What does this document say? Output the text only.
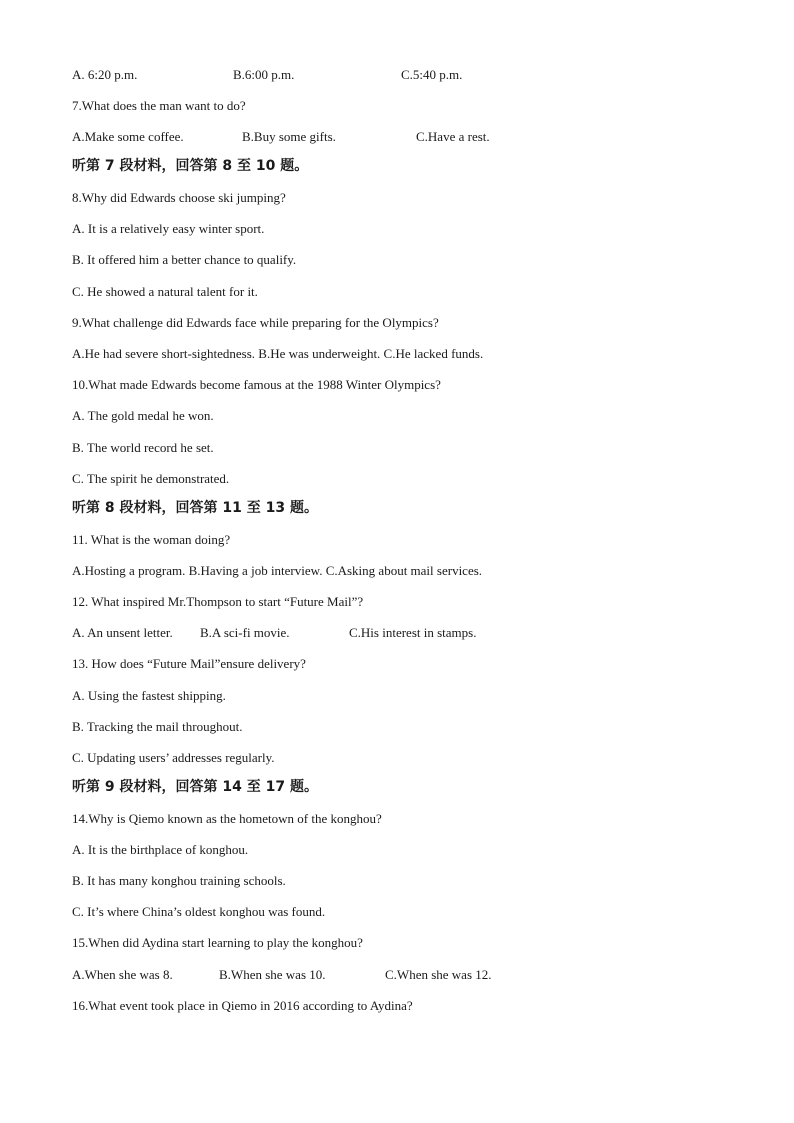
A. 6:20 p.m.	B.6:00 p.m.	C.5:40 p.m.
7.What does the man want to do?
A.Make some coffee.	B.Buy some gifts.	C.Have a rest.
听第 7 段材料，回答第 8 至 10 题。
8.Why did Edwards choose ski jumping?
A. It is a relatively easy winter sport.
B. It offered him a better chance to qualify.
C. He showed a natural talent for it.
9.What challenge did Edwards face while preparing for the Olympics?
A.He had severe short-sightedness. B.He was underweight. C.He lacked funds.
10.What made Edwards become famous at the 1988 Winter Olympics?
A. The gold medal he won.
B. The world record he set.
C. The spirit he demonstrated.
听第 8 段材料，回答第 11 至 13 题。
11. What is the woman doing?
A.Hosting a program. B.Having a job interview. C.Asking about mail services.
12. What inspired Mr.Thompson to start “Future Mail”?
A. An unsent letter. B.A sci-fi movie.	C.His interest in stamps.
13. How does “Future Mail”ensure delivery?
A. Using the fastest shipping.
B. Tracking the mail throughout.
C. Updating users’ addresses regularly.
听第 9 段材料，回答第 14 至 17 题。
14.Why is Qiemo known as the hometown of the konghou?
A. It is the birthplace of konghou.
B. It has many konghou training schools.
C. It’s where China’s oldest konghou was found.
15.When did Aydina start learning to play the konghou?
A.When she was 8.	B.When she was 10.	C.When she was 12.
16.What event took place in Qiemo in 2016 according to Aydina?
